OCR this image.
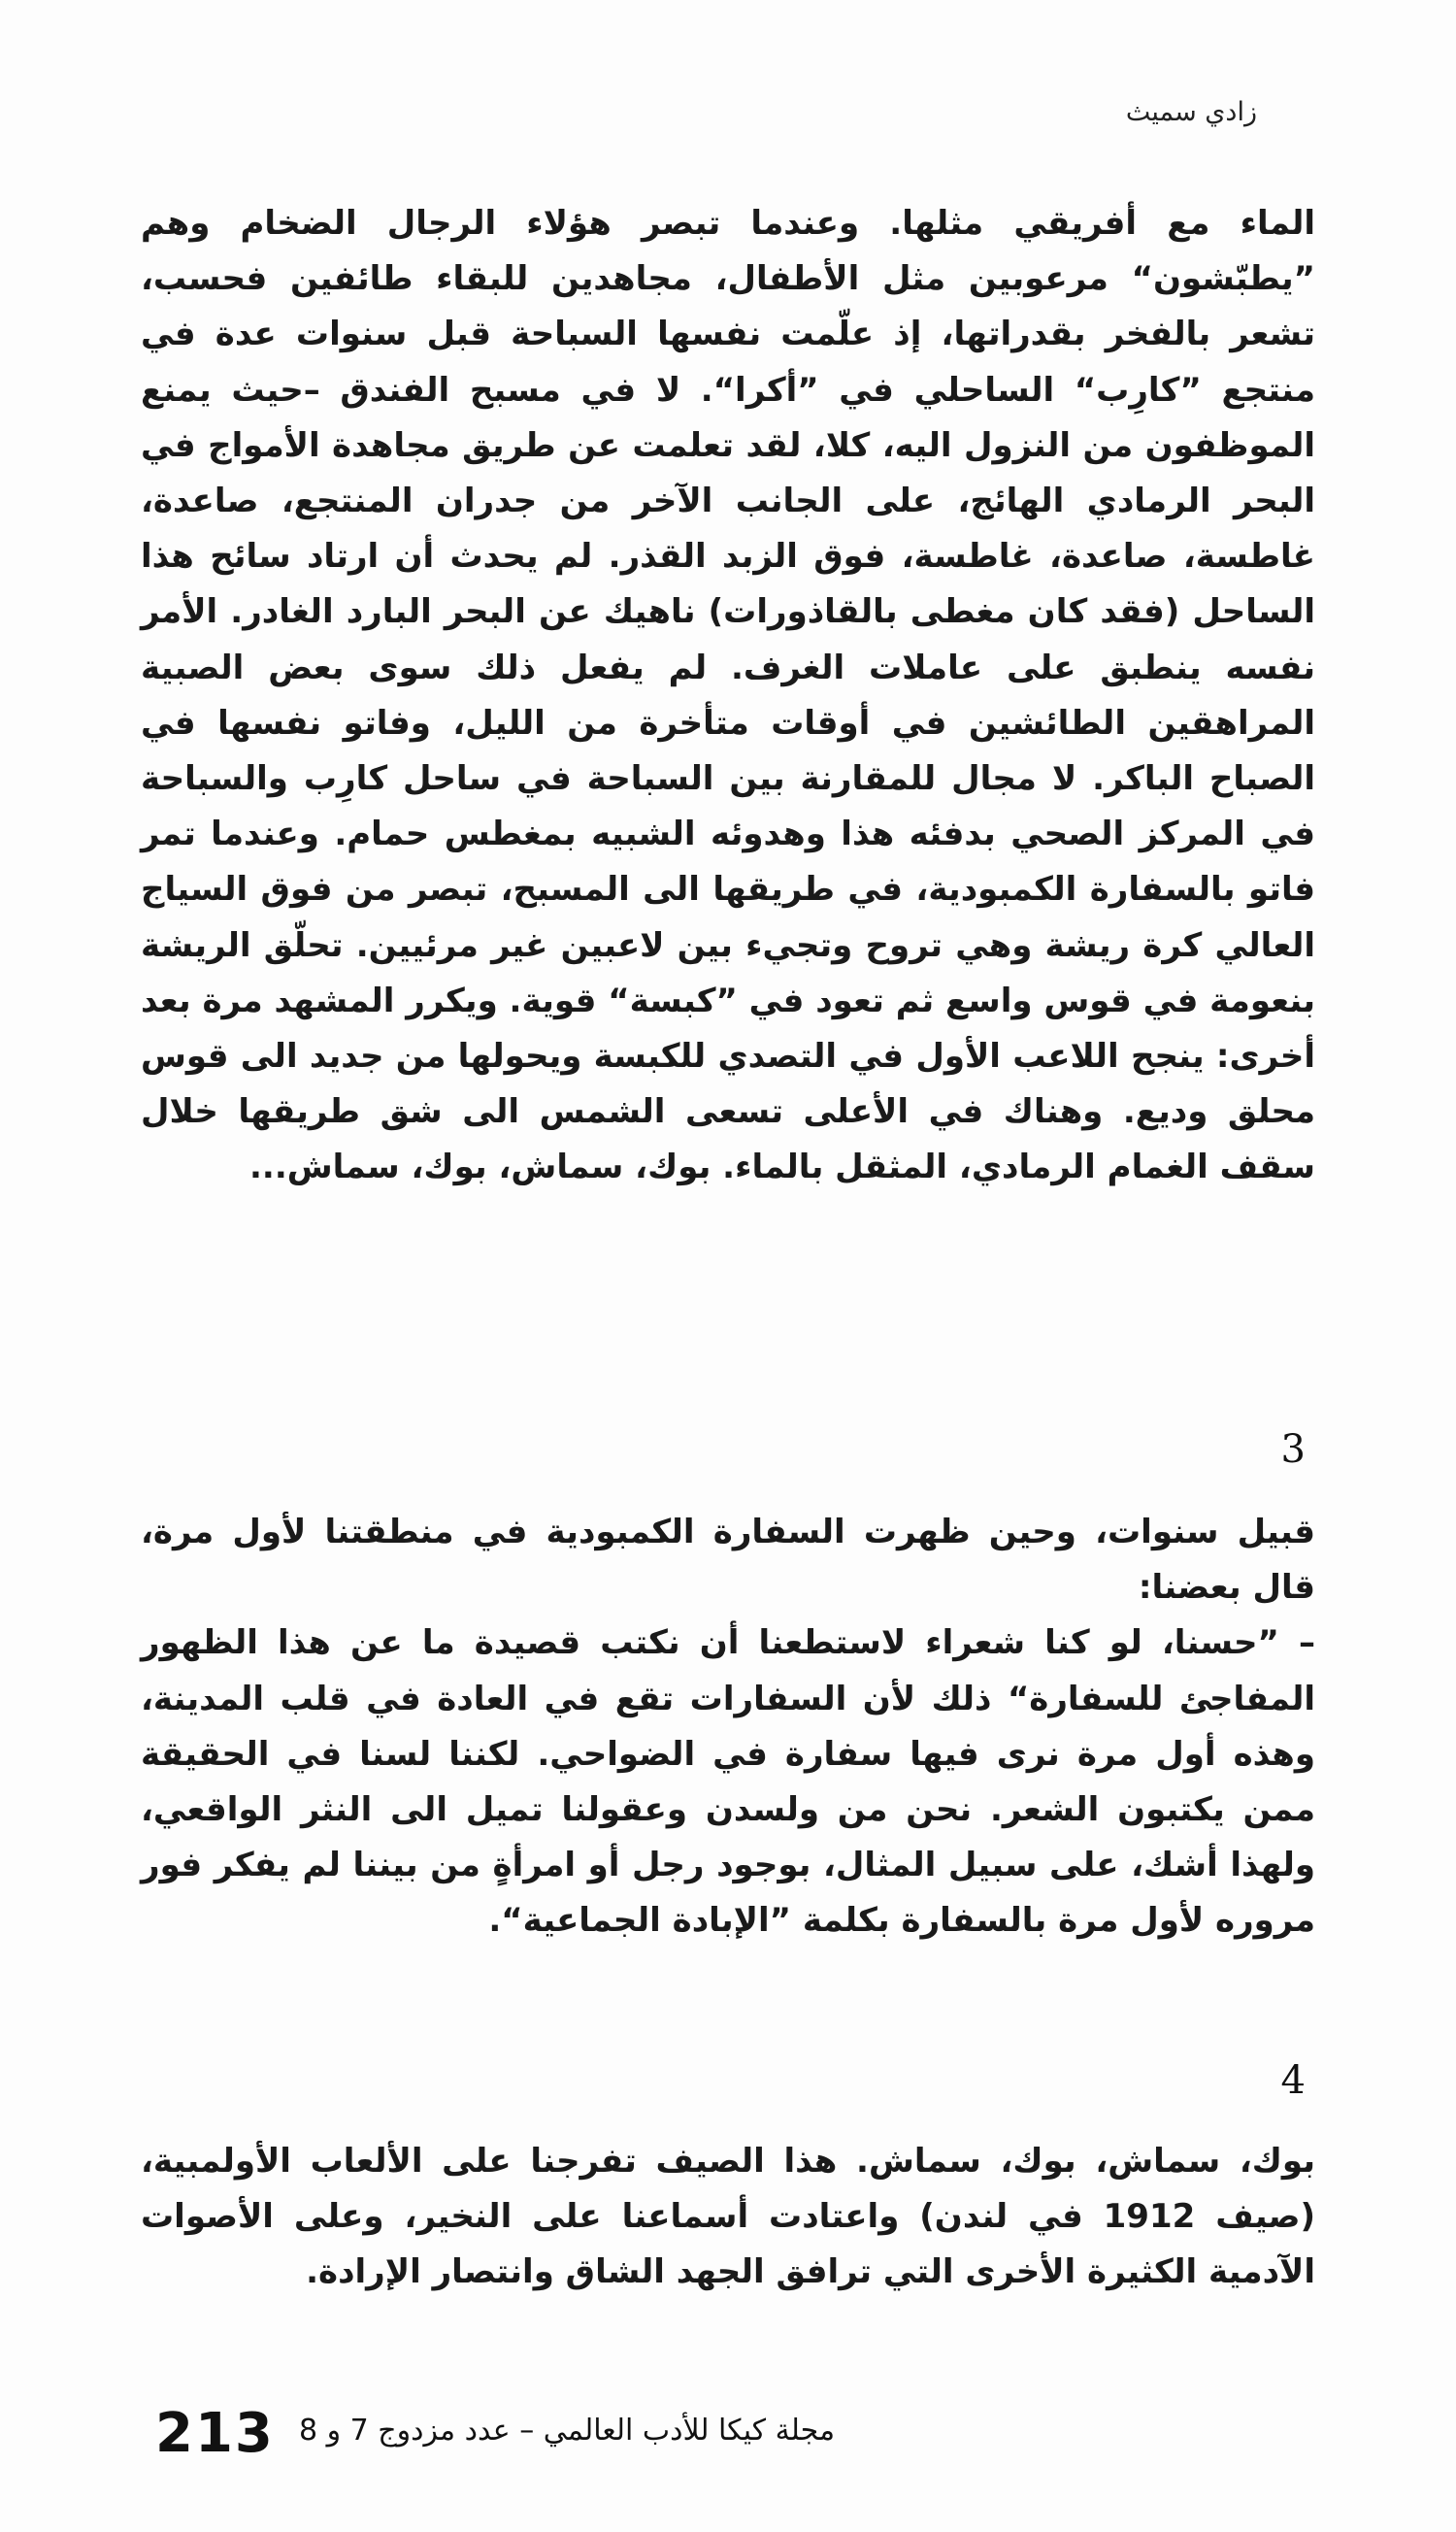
زادي سميث

الماء مع أفريقي مثلها. وعندما تبصر هؤلاء الرجال الضخام وهم ”يطبّشون“ مرعوبين مثل الأطفال، مجاهدين للبقاء طائفين فحسب، تشعر بالفخر بقدراتها، إذ علّمت نفسها السباحة قبل سنوات عدة في منتجع ”كارِب“ الساحلي في ”أكرا“. لا في مسبح الفندق –حيث يمنع الموظفون من النزول اليه، كلا، لقد تعلمت عن طريق مجاهدة الأمواج في البحر الرمادي الهائج، على الجانب الآخر من جدران المنتجع، صاعدة، غاطسة، صاعدة، غاطسة، فوق الزبد القذر. لم يحدث أن ارتاد سائح هذا الساحل (فقد كان مغطى بالقاذورات) ناهيك عن البحر البارد الغادر. الأمر نفسه ينطبق على عاملات الغرف. لم يفعل ذلك سوى بعض الصبية المراهقين الطائشين في أوقات متأخرة من الليل، وفاتو نفسها في الصباح الباكر. لا مجال للمقارنة بين السباحة في ساحل كارِب والسباحة في المركز الصحي بدفئه هذا وهدوئه الشبيه بمغطس حمام. وعندما تمر فاتو بالسفارة الكمبودية، في طريقها الى المسبح، تبصر من فوق السياج العالي كرة ريشة وهي تروح وتجيء بين لاعبين غير مرئيين. تحلّق الريشة بنعومة في قوس واسع ثم تعود في ”كبسة“ قوية. ويكرر المشهد مرة بعد أخرى: ينجح اللاعب الأول في التصدي للكبسة ويحولها من جديد الى قوس محلق وديع. وهناك في الأعلى تسعى الشمس الى شق طريقها خلال سقف الغمام الرمادي، المثقل بالماء. بوك، سماش، بوك، سماش...

3

قبيل سنوات، وحين ظهرت السفارة الكمبودية في منطقتنا لأول مرة، قال بعضنا:

– ”حسنا، لو كنا شعراء لاستطعنا أن نكتب قصيدة ما عن هذا الظهور المفاجئ للسفارة“ ذلك لأن السفارات تقع في العادة في قلب المدينة، وهذه أول مرة نرى فيها سفارة في الضواحي. لكننا لسنا في الحقيقة ممن يكتبون الشعر. نحن من ولسدن وعقولنا تميل الى النثر الواقعي، ولهذا أشك، على سبيل المثال، بوجود رجل أو امرأةٍ من بيننا لم يفكر فور مروره لأول مرة بالسفارة بكلمة ”الإبادة الجماعية“.

4

بوك، سماش، بوك، سماش. هذا الصيف تفرجنا على الألعاب الأولمبية،(صيف 1912 في لندن) واعتادت أسماعنا على النخير، وعلى الأصوات الآدمية الكثيرة الأخرى التي ترافق الجهد الشاق وانتصار الإرادة.

213 مجلة كيكا للأدب العالمي – عدد مزدوج 7 و 8
